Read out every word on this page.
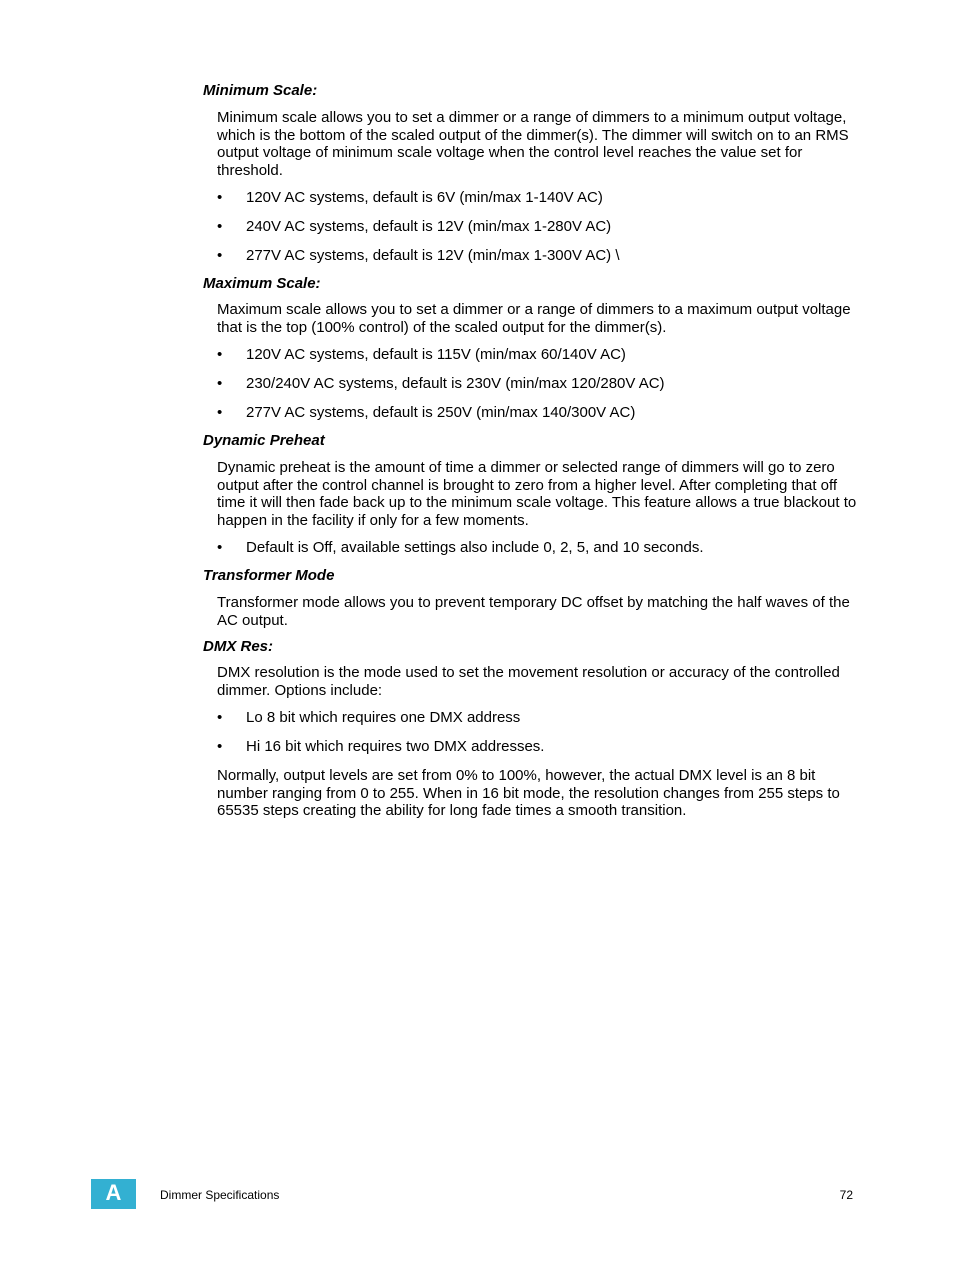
Minimum Scale:

Minimum scale allows you to set a dimmer or a range of dimmers to a minimum output voltage, which is the bottom of the scaled output of the dimmer(s). The dimmer will switch on to an RMS output voltage of minimum scale voltage when the control level reaches the value set for threshold.

• 120V AC systems, default is 6V (min/max 1-140V AC)
• 240V AC systems, default is 12V (min/max 1-280V AC)
• 277V AC systems, default is 12V (min/max 1-300V AC) \

Maximum Scale:

Maximum scale allows you to set a dimmer or a range of dimmers to a maximum output voltage that is the top (100% control) of the scaled output for the dimmer(s).

• 120V AC systems, default is 115V (min/max 60/140V AC)
• 230/240V AC systems, default is 230V (min/max 120/280V AC)
• 277V AC systems, default is 250V (min/max 140/300V AC)

Dynamic Preheat

Dynamic preheat is the amount of time a dimmer or selected range of dimmers will go to zero output after the control channel is brought to zero from a higher level. After completing that off time it will then fade back up to the minimum scale voltage. This feature allows a true blackout to happen in the facility if only for a few moments.

• Default is Off, available settings also include 0, 2, 5, and 10 seconds.

Transformer Mode

Transformer mode allows you to prevent temporary DC offset by matching the half waves of the AC output.

DMX Res:

DMX resolution is the mode used to set the movement resolution or accuracy of the controlled dimmer. Options include:

• Lo 8 bit which requires one DMX address
• Hi 16 bit which requires two DMX addresses.

Normally, output levels are set from 0% to 100%, however, the actual DMX level is an 8 bit number ranging from 0 to 255. When in 16 bit mode, the resolution changes from 255 steps to 65535 steps creating the ability for long fade times a smooth transition.

A	Dimmer Specifications	72
